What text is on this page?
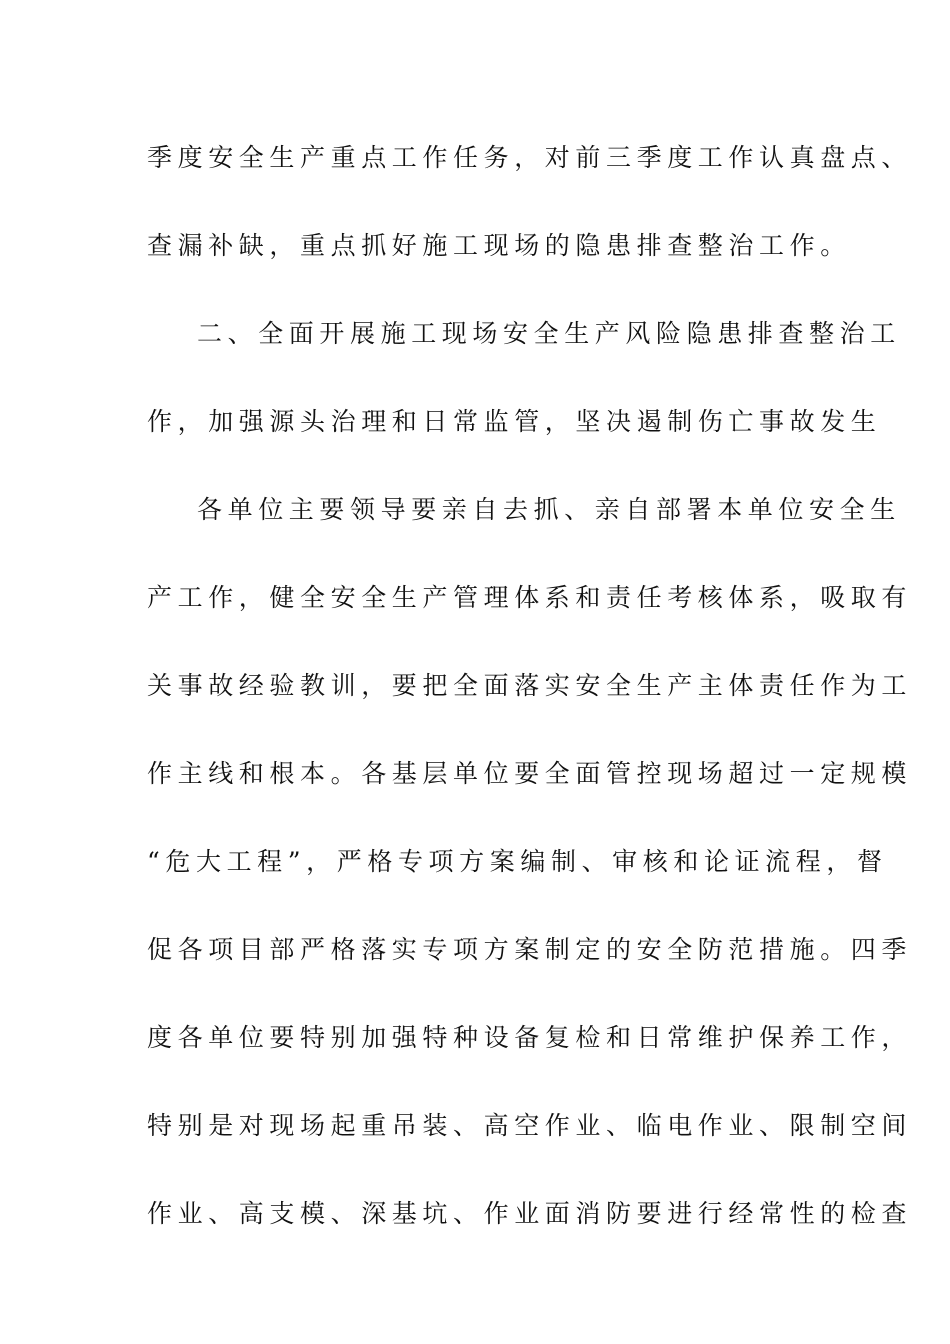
季度安全生产重点工作任务，对前三季度工作认真盘点、
查漏补缺，重点抓好施工现场的隐患排查整治工作。
二、全面开展施工现场安全生产风险隐患排查整治工
作，加强源头治理和日常监管，坚决遏制伤亡事故发生
各单位主要领导要亲自去抓、亲自部署本单位安全生
产工作，健全安全生产管理体系和责任考核体系，吸取有
关事故经验教训，要把全面落实安全生产主体责任作为工
作主线和根本。各基层单位要全面管控现场超过一定规模
“危大工程”，严格专项方案编制、审核和论证流程，督
促各项目部严格落实专项方案制定的安全防范措施。四季
度各单位要特别加强特种设备复检和日常维护保养工作，
特别是对现场起重吊装、高空作业、临电作业、限制空间
作业、高支模、深基坑、作业面消防要进行经常性的检查
